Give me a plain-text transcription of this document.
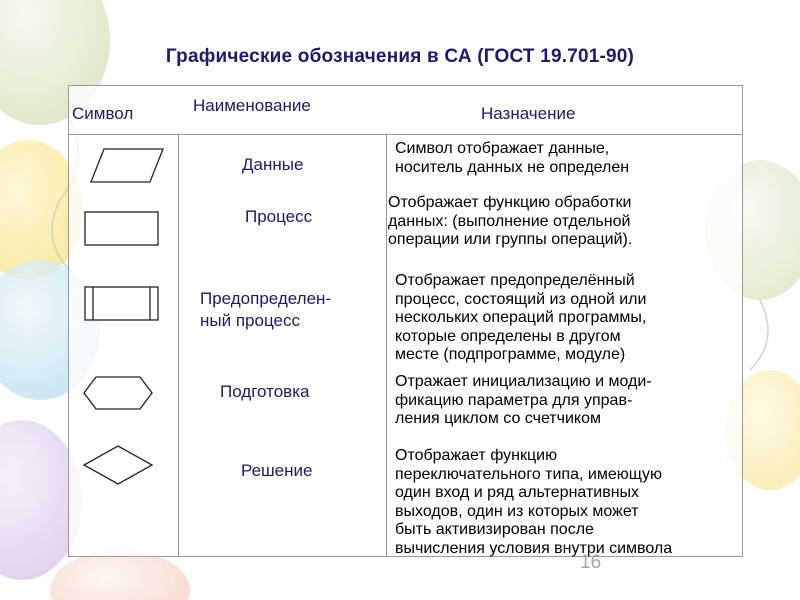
Графические обозначения в СА (ГОСТ 19.701-90)
Символ	Наименование	Назначение
Данные
Символ отображает данные,
носитель данных не определен
Процесс
Отображает функцию обработки
данных: (выполнение отдельной
операции или группы операций).
Предопределен-
ный процесс
Отображает предопределённый
процесс, состоящий из одной или
нескольких операций программы,
которые определены в другом
месте (подпрограмме, модуле)
Подготовка
Отражает инициализацию и моди-
фикацию параметра для управ-
ления циклом со счетчиком
Решение
Отображает функцию
переключательного типа, имеющую
один вход и ряд альтернативных
выходов, один из которых может
быть активизирован после
вычисления условия внутри символа
16
